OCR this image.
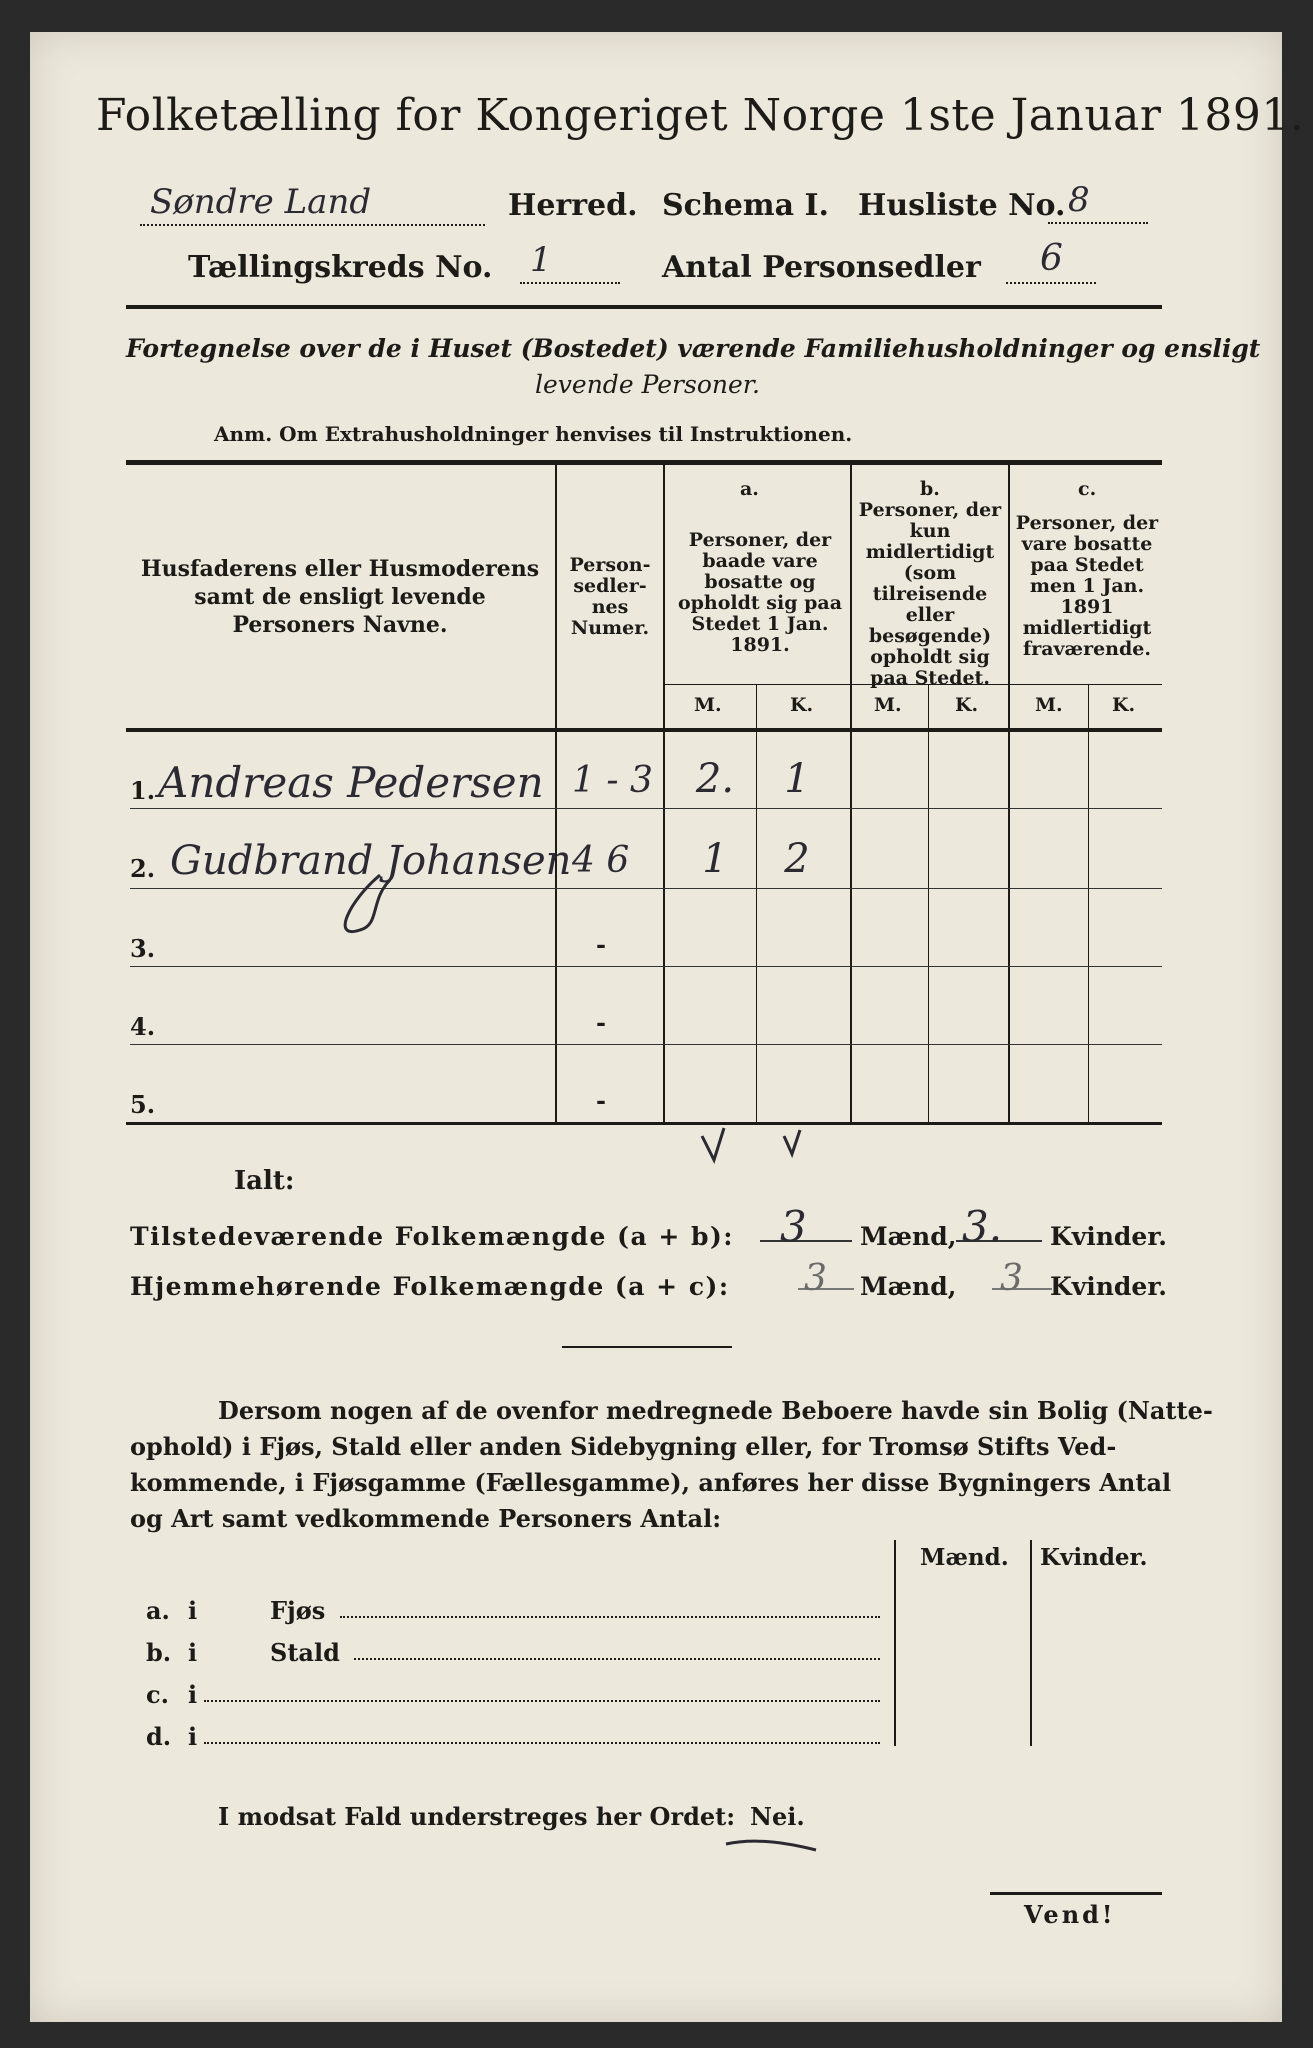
Folketælling for Kongeriget Norge 1ste Januar 1891.
Søndre Land	Herred. Schema I. Husliste No. 8
Tællingskreds No. 1	Antal Personsedler 6
Fortegnelse over de i Huset (Bostedet) værende Familiehusholdninger og ensligt
levende Personer.
Anm. Om Extrahusholdninger henvises til Instruktionen.
Husfaderens eller Husmoderens samt de ensligt levende Personers Navne.
Person-sedler-nes Numer.
a.
Personer, der baade vare bosatte og opholdt sig paa Stedet 1 Jan. 1891.
b.
Personer, der kun midlertidigt (som tilreisende eller besøgende) opholdt sig paa Stedet.
c.
Personer, der vare bosatte paa Stedet men 1 Jan. 1891 midlertidigt fraværende.
M.	K.	M.	K.	M.	K.
1. Andreas Pedersen 1 - 3	2.	1
2. Gudbrand Johansen 4 6	1	2
3.	-
4.	-
5.	-
Ialt:
Tilstedeværende Folkemængde (a + b): 3 Mænd, 3. Kvinder.
Hjemmehørende Folkemængde (a + c): 3 Mænd, 3 Kvinder.
Dersom nogen af de ovenfor medregnede Beboere havde sin Bolig (Natte-
ophold) i Fjøs, Stald eller anden Sidebygning eller, for Tromsø Stifts Ved-
kommende, i Fjøsgamme (Fællesgamme), anføres her disse Bygningers Antal
og Art samt vedkommende Personers Antal:
Mænd. Kvinder.
a. i	Fjøs
b. i	Stald
c. i
d. i
I modsat Fald understreges her Ordet: Nei.
Vend!
